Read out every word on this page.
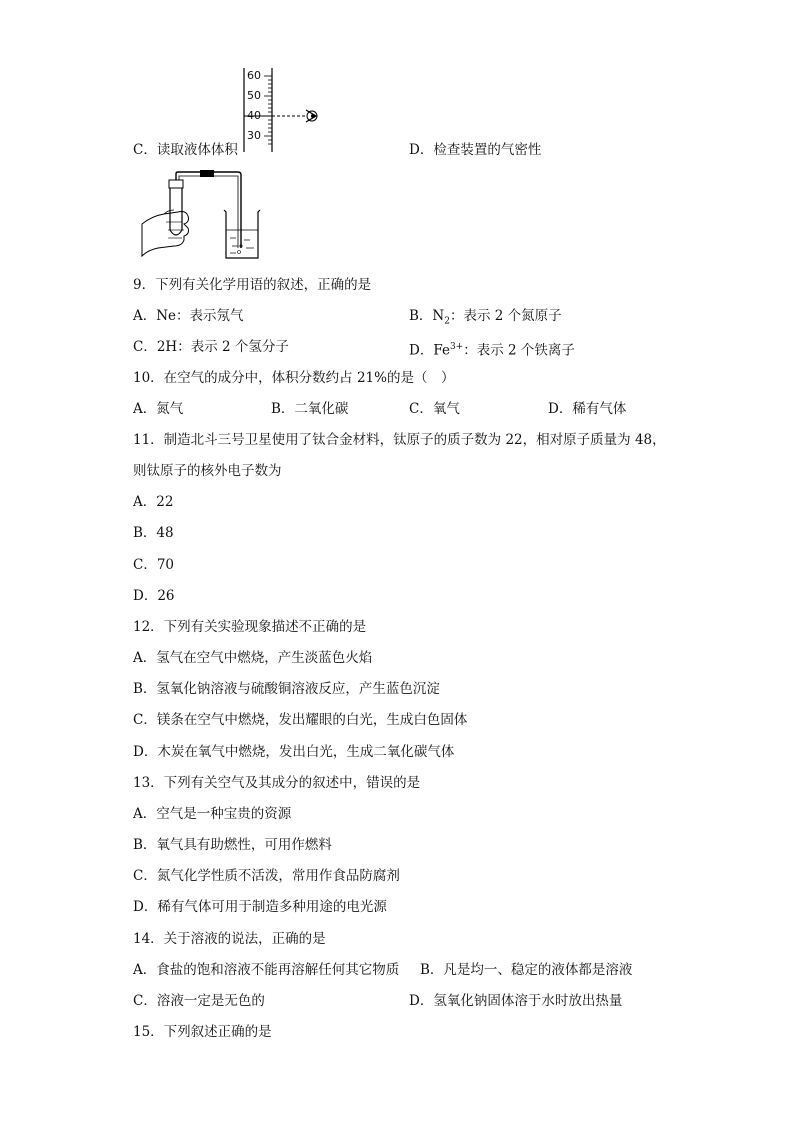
60
50
40
30
C．读取液体体积	D．检查装置的气密性
9．下列有关化学用语的叙述，正确的是
A．Ne：表示氖气	B．$N_2$：表示 2 个氮原子
C．2H：表示 2 个氢分子	D．$Fe^{3+}$：表示 2 个铁离子
10．在空气的成分中，体积分数约占 21%的是（　）
A．氮气	B．二氧化碳	C．氧气	D．稀有气体
11．制造北斗三号卫星使用了钛合金材料，钛原子的质子数为 22，相对原子质量为 48，
则钛原子的核外电子数为
A．22
B．48
C．70
D．26
12．下列有关实验现象描述不正确的是
A．氢气在空气中燃烧，产生淡蓝色火焰
B．氢氧化钠溶液与硫酸铜溶液反应，产生蓝色沉淀
C．镁条在空气中燃烧，发出耀眼的白光，生成白色固体
D．木炭在氧气中燃烧，发出白光，生成二氧化碳气体
13．下列有关空气及其成分的叙述中，错误的是
A．空气是一种宝贵的资源
B．氧气具有助燃性，可用作燃料
C．氮气化学性质不活泼，常用作食品防腐剂
D．稀有气体可用于制造多种用途的电光源
14．关于溶液的说法，正确的是
A．食盐的饱和溶液不能再溶解任何其它物质 B．凡是均一、稳定的液体都是溶液
C．溶液一定是无色的	D．氢氧化钠固体溶于水时放出热量
15．下列叙述正确的是
